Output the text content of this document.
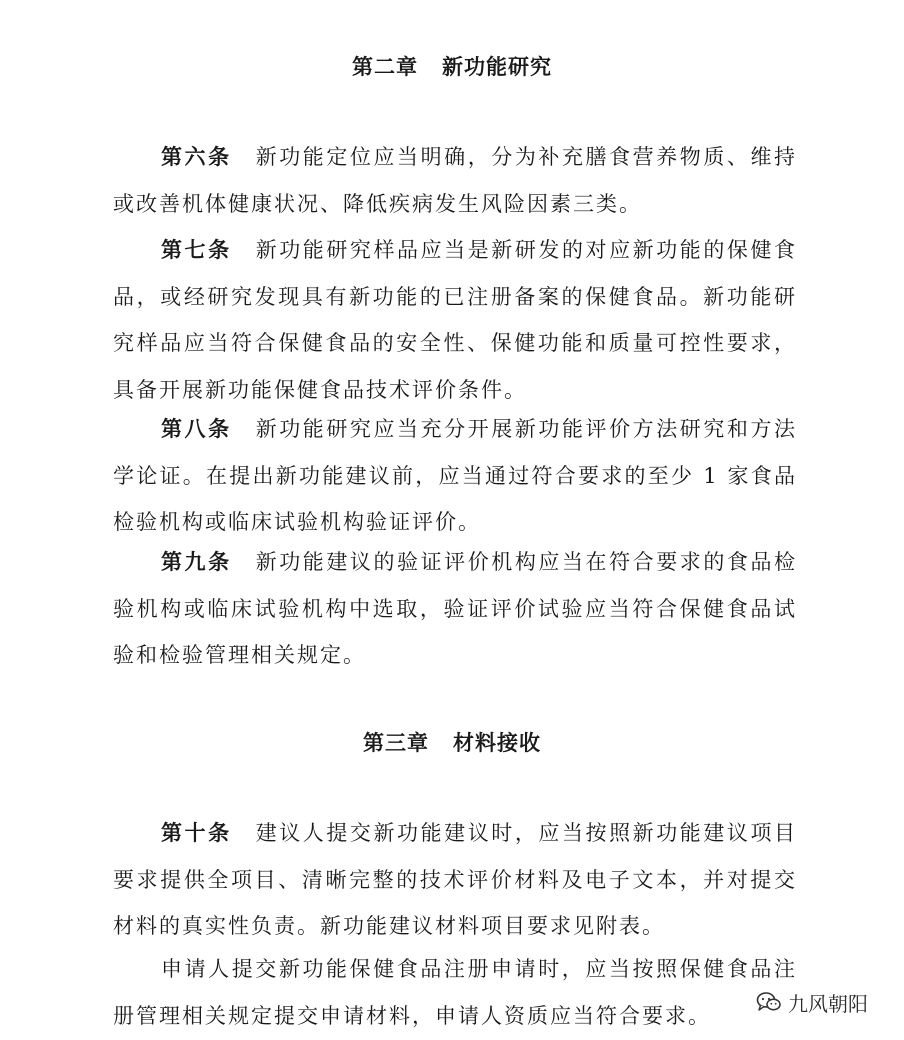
第二章 新功能研究

第六条 新功能定位应当明确，分为补充膳食营养物质、维持或改善机体健康状况、降低疾病发生风险因素三类。

第七条 新功能研究样品应当是新研发的对应新功能的保健食品，或经研究发现具有新功能的已注册备案的保健食品。新功能研究样品应当符合保健食品的安全性、保健功能和质量可控性要求，具备开展新功能保健食品技术评价条件。

第八条 新功能研究应当充分开展新功能评价方法研究和方法学论证。在提出新功能建议前，应当通过符合要求的至少 1 家食品检验机构或临床试验机构验证评价。

第九条 新功能建议的验证评价机构应当在符合要求的食品检验机构或临床试验机构中选取，验证评价试验应当符合保健食品试验和检验管理相关规定。

第三章 材料接收

第十条 建议人提交新功能建议时，应当按照新功能建议项目要求提供全项目、清晰完整的技术评价材料及电子文本，并对提交材料的真实性负责。新功能建议材料项目要求见附表。

申请人提交新功能保健食品注册申请时，应当按照保健食品注册管理相关规定提交申请材料，申请人资质应当符合要求。	九风朝阳
